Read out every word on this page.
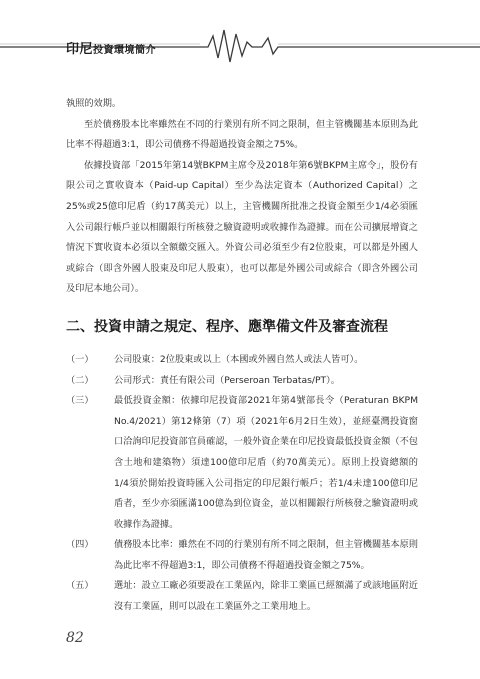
印尼投資環境簡介

執照的效期。

至於債務股本比率雖然在不同的行業別有所不同之限制，但主管機關基本原則為此比率不得超過3:1，即公司債務不得超過投資金額之75%。

依據投資部「2015年第14號BKPM主席令及2018年第6號BKPM主席令」，股份有限公司之實收資本（Paid-up Capital）至少為法定資本（Authorized Capital）之25%或25億印尼盾（約17萬美元）以上，主管機關所批准之投資金額至少1/4必須匯入公司銀行帳戶並以相關銀行所核發之驗資證明或收據作為證據。而在公司擴展增資之情況下實收資本必須以全額繳交匯入。外資公司必須至少有2位股東，可以都是外國人或綜合（即含外國人股東及印尼人股東），也可以都是外國公司或綜合（即含外國公司及印尼本地公司）。

二、投資申請之規定、程序、應準備文件及審查流程
（一）	公司股東：2位股東或以上（本國或外國自然人或法人皆可）。
（二）	公司形式：責任有限公司（Perseroan Terbatas/PT）。
（三）	最低投資金額：依據印尼投資部2021年第4號部長令（Peraturan BKPM No.4/2021）第12條第（7）項（2021年6月2日生效），並經臺灣投資窗口洽詢印尼投資部官員確認，一般外資企業在印尼投資最低投資金額（不包含土地和建築物）須達100億印尼盾（約70萬美元）。原則上投資總額的1/4須於開始投資時匯入公司指定的印尼銀行帳戶；若1/4未達100億印尼盾者，至少亦須匯滿100億為到位資金，並以相關銀行所核發之驗資證明或收據作為證據。
（四）	債務股本比率：雖然在不同的行業別有所不同之限制，但主管機關基本原則為此比率不得超過3:1，即公司債務不得超過投資金額之75%。
（五）	選址：設立工廠必須要設在工業區內，除非工業區已經額滿了或該地區附近沒有工業區，則可以設在工業區外之工業用地上。
82
